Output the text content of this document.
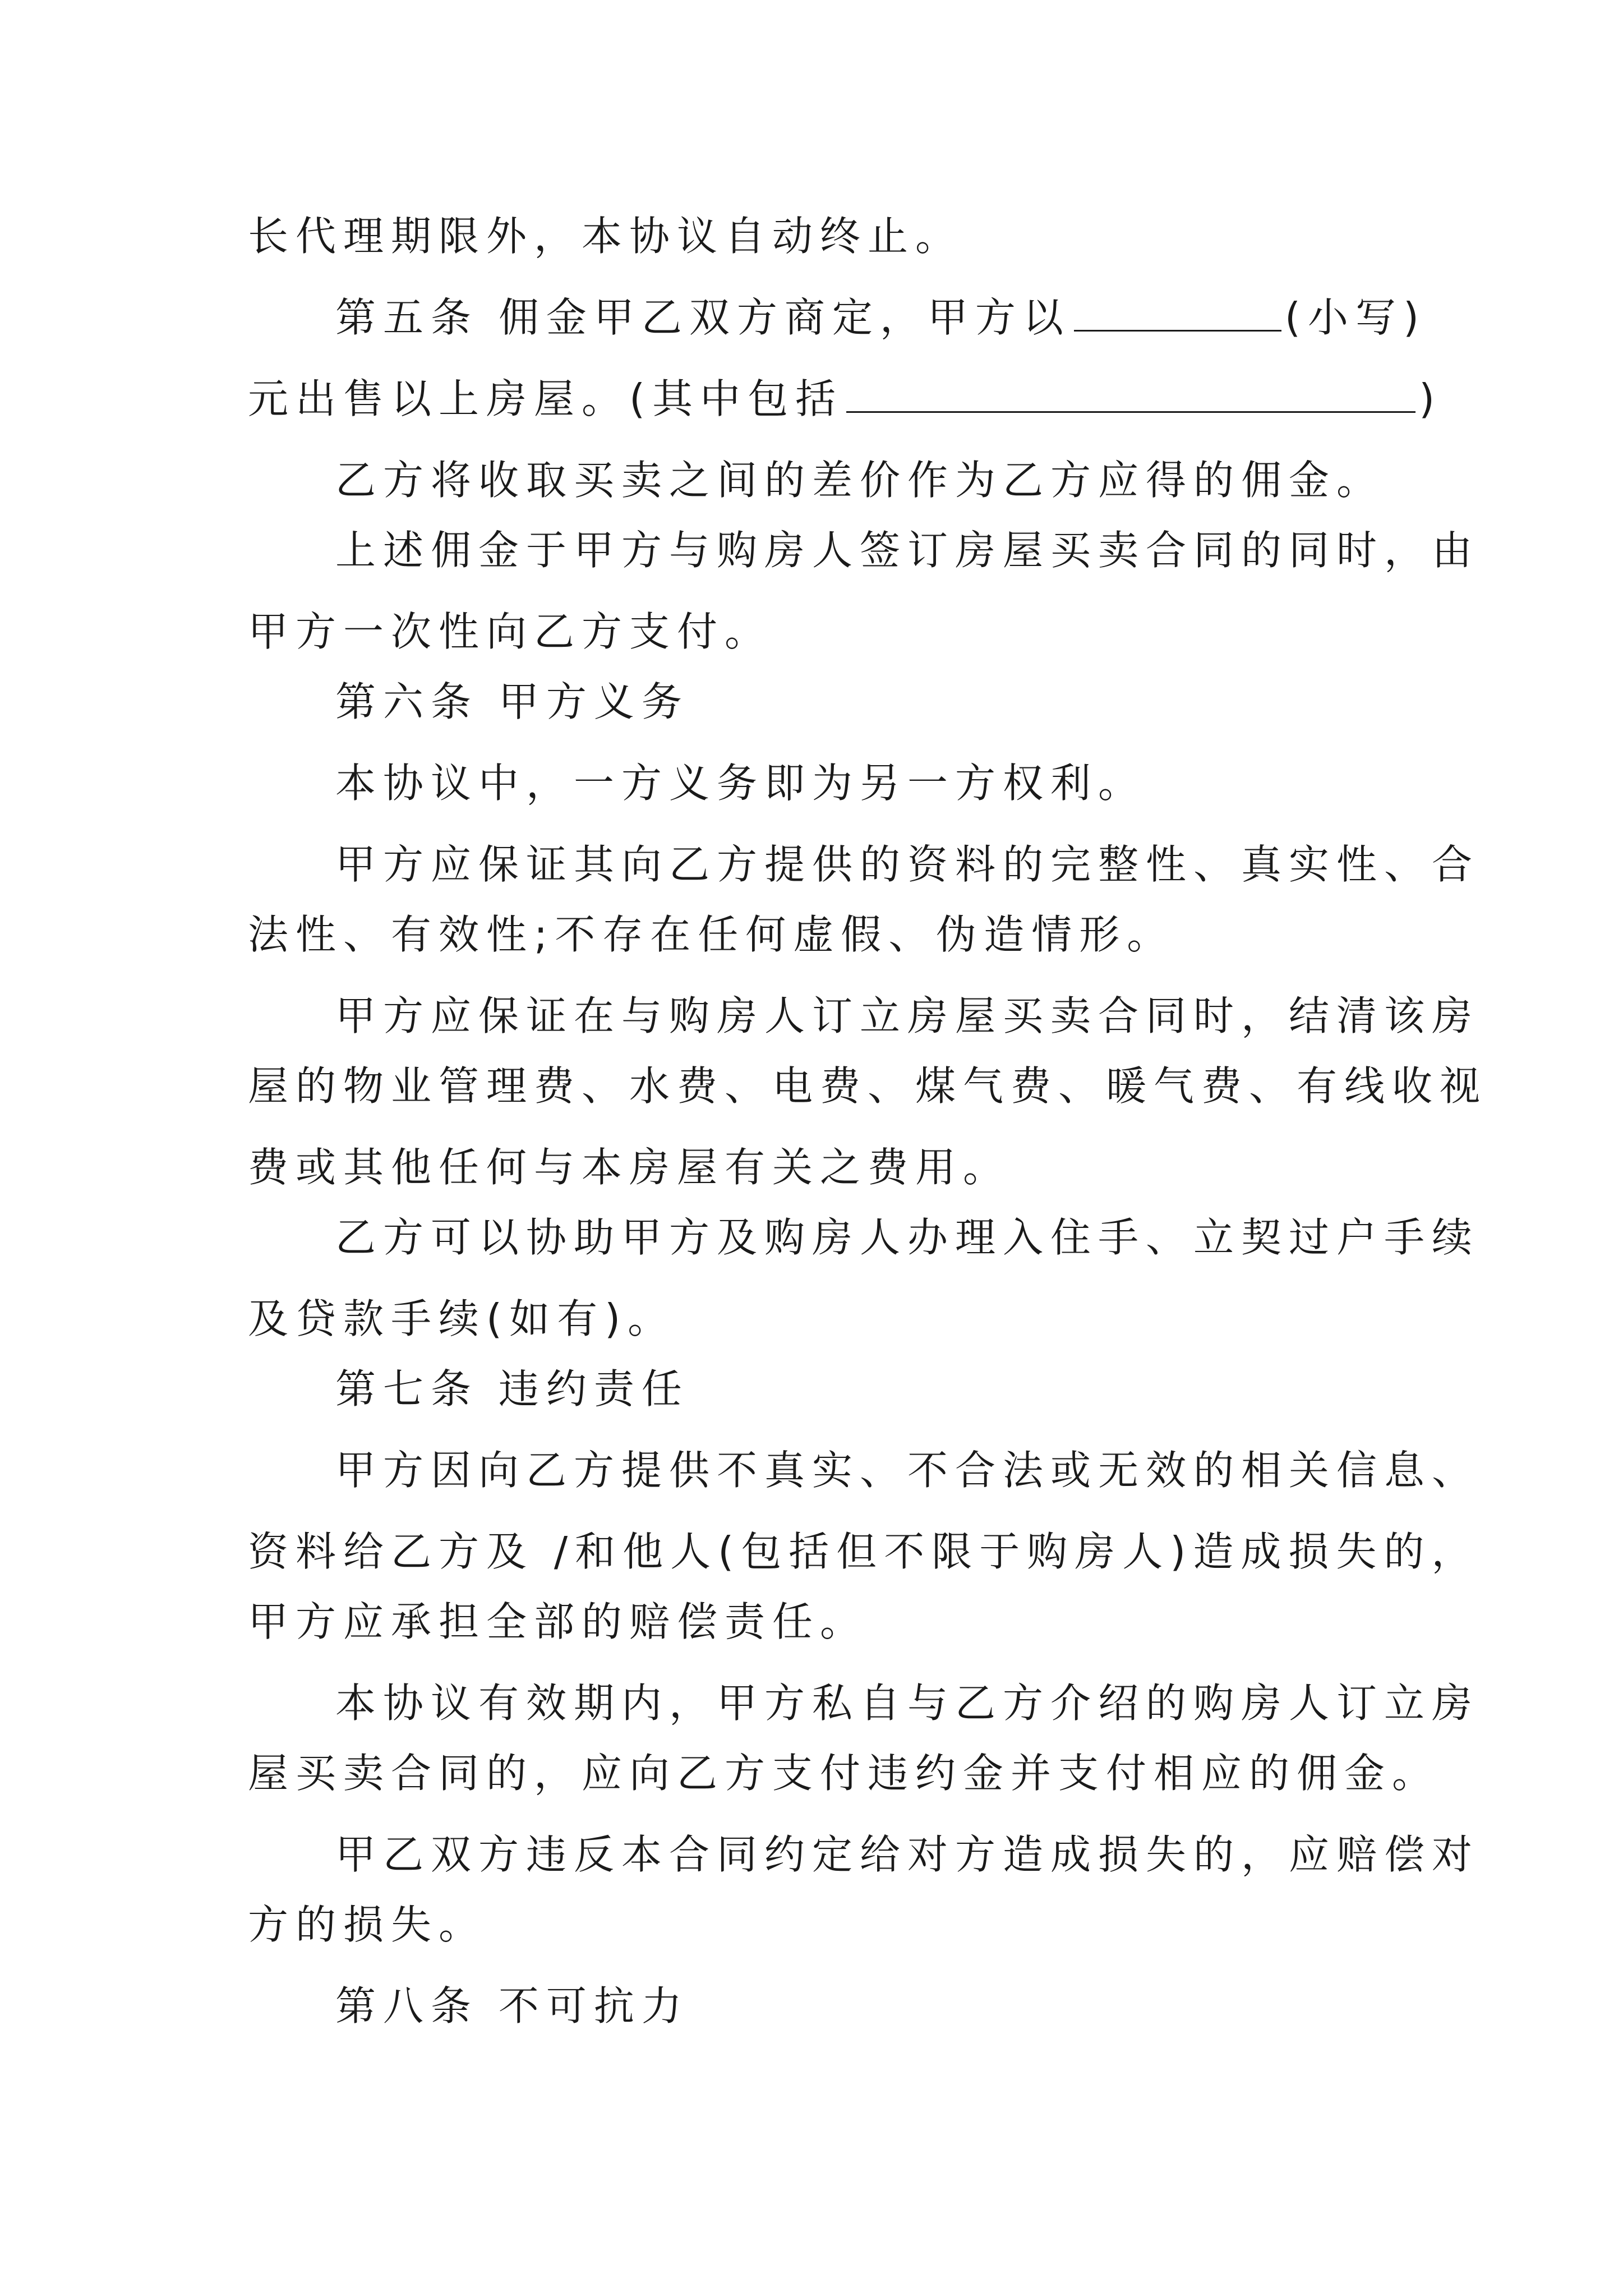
长代理期限外，本协议自动终止。
第五条 佣金甲乙双方商定，甲方以	(小写)
元出售以上房屋。(其中包括	)
乙方将收取买卖之间的差价作为乙方应得的佣金。
上述佣金于甲方与购房人签订房屋买卖合同的同时，由
甲方一次性向乙方支付。
第六条 甲方义务
本协议中，一方义务即为另一方权利。
甲方应保证其向乙方提供的资料的完整性、真实性、合
法性、有效性;不存在任何虚假、伪造情形。
甲方应保证在与购房人订立房屋买卖合同时，结清该房
屋的物业管理费、水费、电费、煤气费、暖气费、有线收视
费或其他任何与本房屋有关之费用。
乙方可以协助甲方及购房人办理入住手、立契过户手续
及贷款手续(如有)。
第七条 违约责任
甲方因向乙方提供不真实、不合法或无效的相关信息、
资料给乙方及 /和他人(包括但不限于购房人)造成损失的，
甲方应承担全部的赔偿责任。
本协议有效期内，甲方私自与乙方介绍的购房人订立房
屋买卖合同的，应向乙方支付违约金并支付相应的佣金。
甲乙双方违反本合同约定给对方造成损失的，应赔偿对
方的损失。
第八条 不可抗力
